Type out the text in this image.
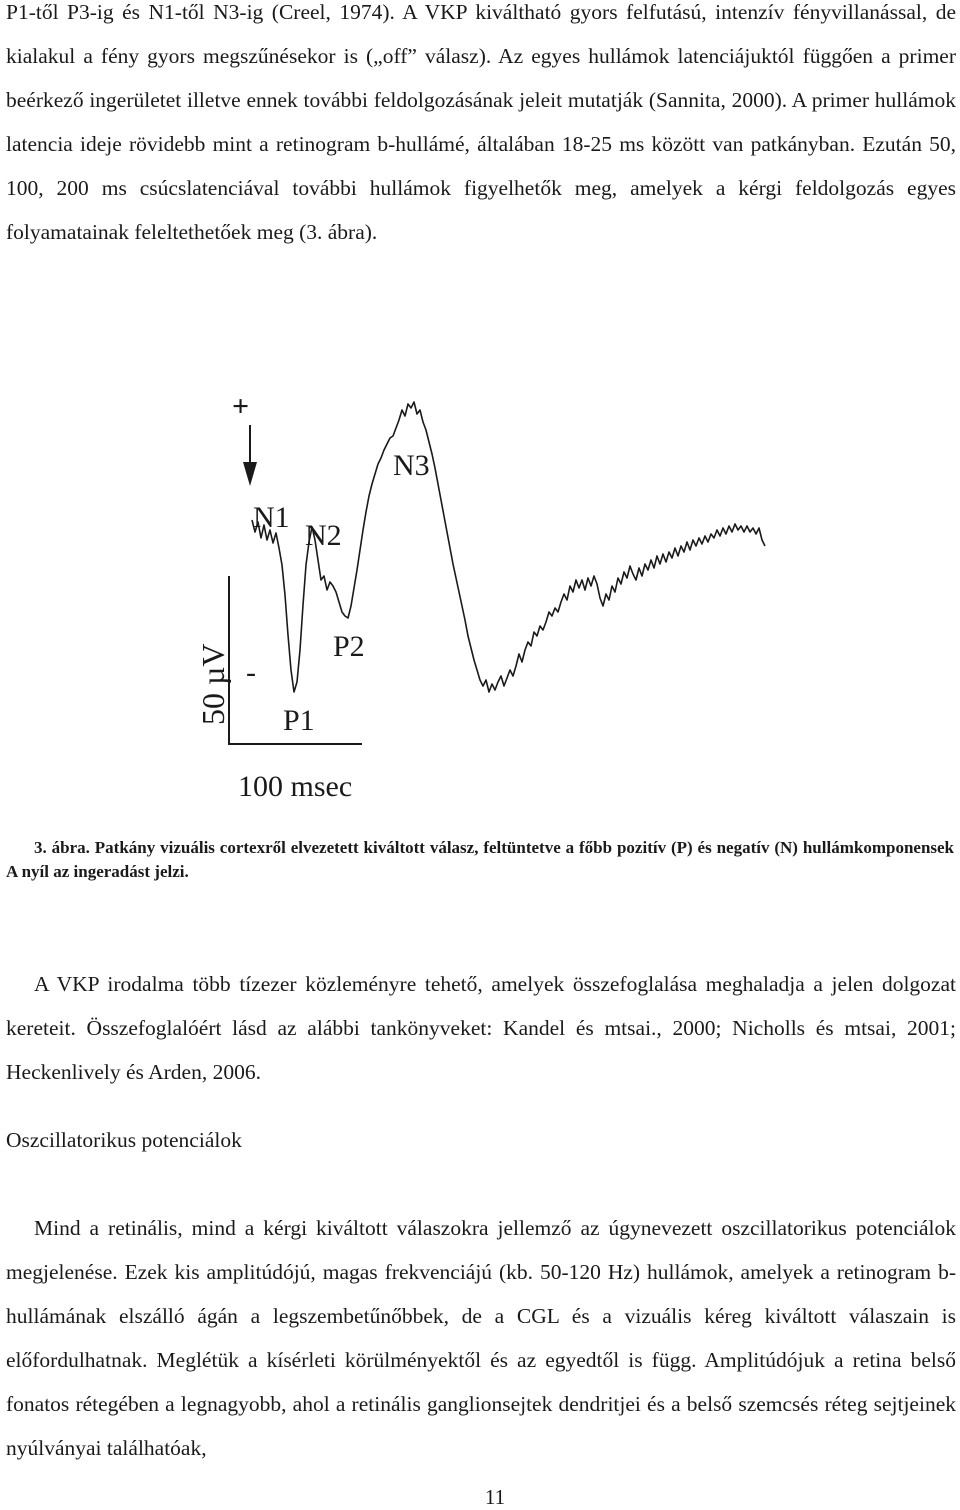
P1-től P3-ig és N1-től N3-ig (Creel, 1974). A VKP kiváltható gyors felfutású, intenzív fényvillanással, de kialakul a fény gyors megszűnésekor is („off” válasz). Az egyes hullámok latenciájuktól függően a primer beérkező ingerületet illetve ennek további feldolgozásának jeleit mutatják (Sannita, 2000). A primer hullámok latencia ideje rövidebb mint a retinogram b-hullámé, általában 18-25 ms között van patkányban. Ezután 50, 100, 200 ms csúcslatenciával további hullámok figyelhetők meg, amelyek a kérgi feldolgozás egyes folyamatainak feleltethetőek meg (3. ábra).

+
N1
N2
N3
P1
P2
-
50 µV
100 msec

3. ábra. Patkány vizuális cortexről elvezetett kiváltott válasz, feltüntetve a főbb pozitív (P) és negatív (N) hullámkomponensek A nyíl az ingeradást jelzi.

A VKP irodalma több tízezer közleményre tehető, amelyek összefoglalása meghaladja a jelen dolgozat kereteit. Összefoglalóért lásd az alábbi tankönyveket: Kandel és mtsai., 2000; Nicholls és mtsai, 2001; Heckenlively és Arden, 2006.

Oszcillatorikus potenciálok

Mind a retinális, mind a kérgi kiváltott válaszokra jellemző az úgynevezett oszcillatorikus potenciálok megjelenése. Ezek kis amplitúdójú, magas frekvenciájú (kb. 50-120 Hz) hullámok, amelyek a retinogram b-hullámának elszálló ágán a legszembetűnőbbek, de a CGL és a vizuális kéreg kiváltott válaszain is előfordulhatnak. Meglétük a kísérleti körülményektől és az egyedtől is függ. Amplitúdójuk a retina belső fonatos rétegében a legnagyobb, ahol a retinális ganglionsejtek dendritjei és a belső szemcsés réteg sejtjeinek nyúlványai találhatóak,

11
